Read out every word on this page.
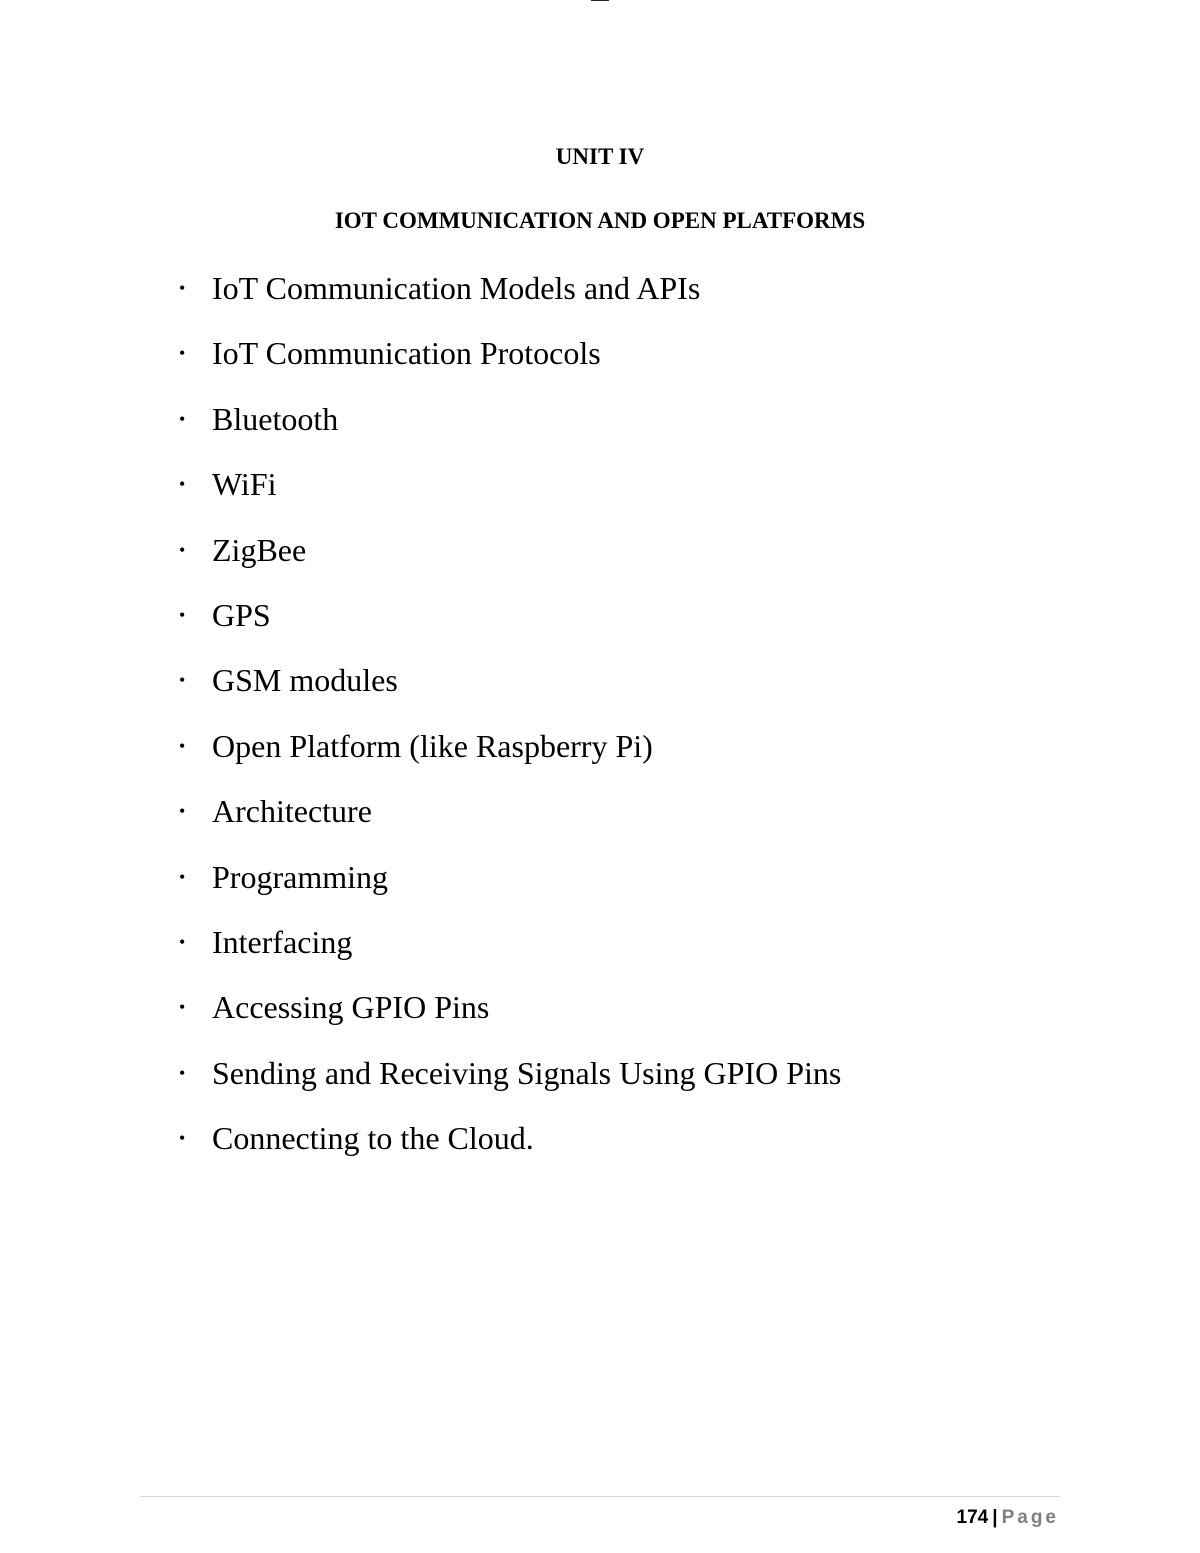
UNIT IV
IOT COMMUNICATION AND OPEN PLATFORMS
• IoT Communication Models and APIs
• IoT Communication Protocols
• Bluetooth
• WiFi
• ZigBee
• GPS
• GSM modules
• Open Platform (like Raspberry Pi)
• Architecture
• Programming
• Interfacing
• Accessing GPIO Pins
• Sending and Receiving Signals Using GPIO Pins
• Connecting to the Cloud.
174 | Page
